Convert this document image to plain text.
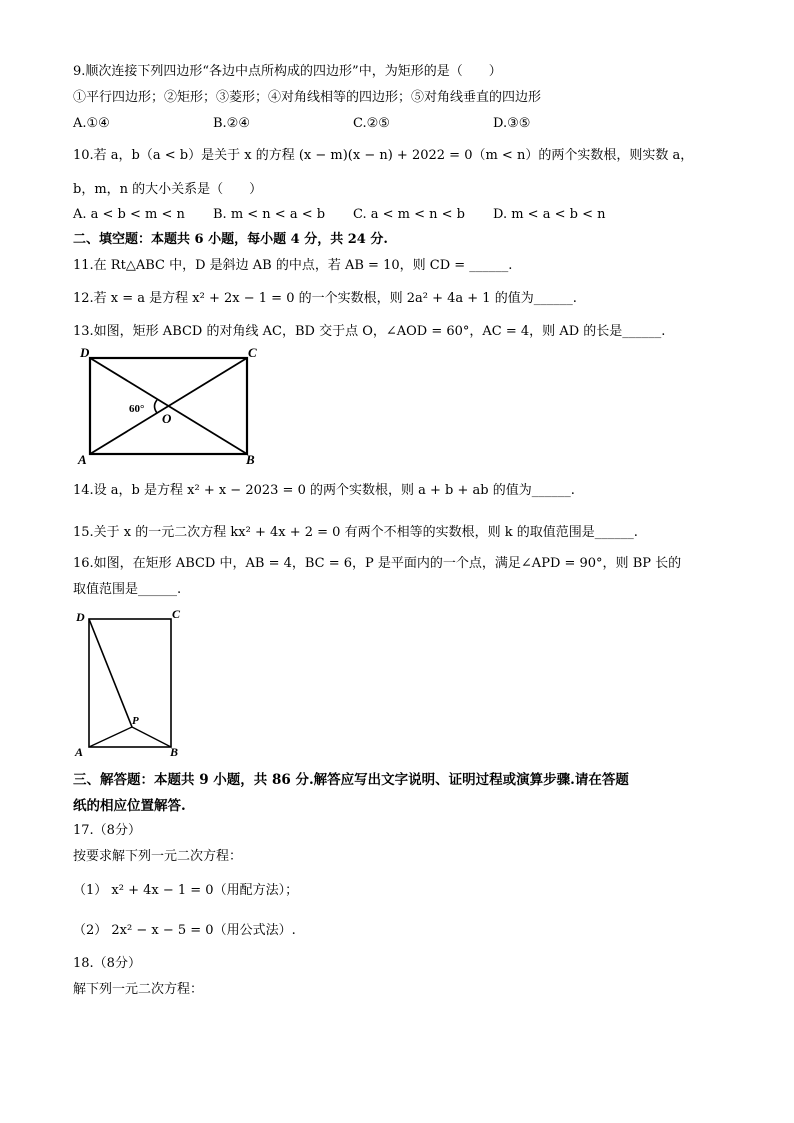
9.顺次连接下列四边形“各边中点所构成的四边形”中，为矩形的是（　　）
①平行四边形；②矩形；③菱形；④对角线相等的四边形；⑤对角线垂直的四边形
A.①④	B.②④	C.②⑤	D.③⑤
10.若 a，b（a < b）是关于 x 的方程 (x − m)(x − n) + 2022 = 0（m < n）的两个实数根，则实数 a，
b，m，n 的大小关系是（　　）
A. a < b < m < n B. m < n < a < b C. a < m < n < b D. m < a < b < n
二、填空题：本题共 6 小题，每小题 4 分，共 24 分.
11.在 Rt△ABC 中，D 是斜边 AB 的中点，若 AB = 10，则 CD = ______.
12.若 x = a 是方程 x² + 2x − 1 = 0 的一个实数根，则 2a² + 4a + 1 的值为______.
13.如图，矩形 ABCD 的对角线 AC，BD 交于点 O，∠AOD = 60°，AC = 4，则 AD 的长是______.
D	C
A	B
O
60°
14.设 a，b 是方程 x² + x − 2023 = 0 的两个实数根，则 a + b + ab 的值为______.
15.关于 x 的一元二次方程 kx² + 4x + 2 = 0 有两个不相等的实数根，则 k 的取值范围是______.
16.如图，在矩形 ABCD 中，AB = 4，BC = 6，P 是平面内的一个点，满足∠APD = 90°，则 BP 长的
取值范围是______.
D	C
A	B
P
三、解答题：本题共 9 小题，共 86 分.解答应写出文字说明、证明过程或演算步骤.请在答题
纸的相应位置解答.
17.（8分）
按要求解下列一元二次方程：
（1） x² + 4x − 1 = 0（用配方法）；
（2） 2x² − x − 5 = 0（用公式法）.
18.（8分）
解下列一元二次方程：
